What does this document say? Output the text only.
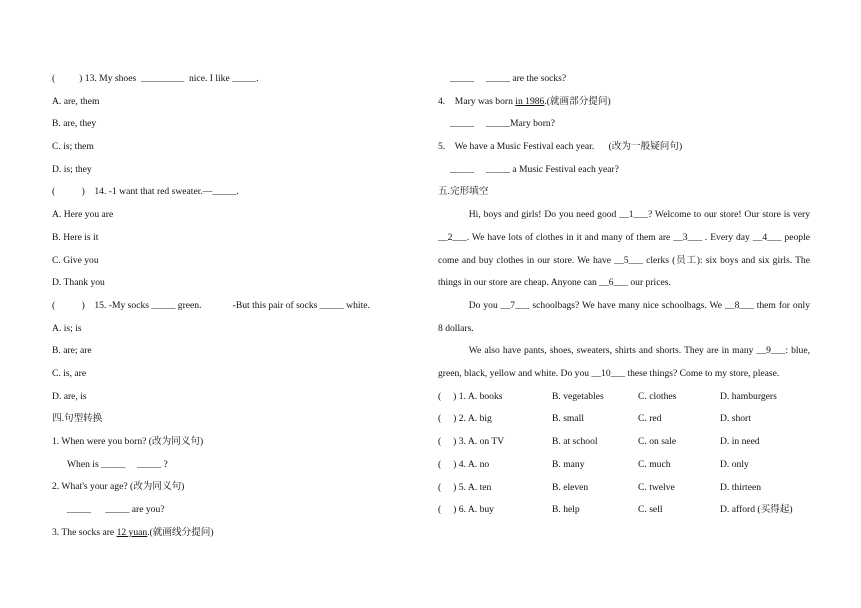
(          ) 13. My shoes  _________  nice. I like _____.
A. are, them
B. are, they
C. is; them
D. is; they
(           )    14. -1 want that red sweater.—_____.
A. Here you are
B. Here is it
C. Give you
D. Thank you
(           )    15. -My socks _____ green.             -But this pair of socks _____ white.
A. is; is
B. are; are
C. is, are
D. are, is
四.句型转换
1. When were you born? (改为同义句)
When is _____     _____ ?
2. What's your age? (改为同义句)
_____      _____ are you?
3. The socks are 12 yuan.(就画线分提问)
_____     _____ are the socks?
4.    Mary was born in 1986.(就画部分提问)
_____     _____Mary born?
5.    We have a Music Festival each year.      (改为一般疑问句)
_____     _____ a Music Festival each year?
五.完形填空
Hi, boys and girls! Do you need good __1___? Welcome to our store! Our store is very __2___. We have lots of clothes in it and many of them are __3___ . Every day __4___ people come and buy clothes in our store. We have __5___ clerks (员工): six boys and six girls. The things in our store are cheap. Anyone can __6___ our prices.
Do you __7___ schoolbags? We have many nice schoolbags. We __8___ them for only 8 dollars.
We also have pants, shoes, sweaters, shirts and shorts. They are in many __9___: blue, green, black, yellow and white. Do you __10___ these things? Come to my store, please.
(     ) 1. A. books	B. vegetables	C. clothes	D. hamburgers
(     ) 2. A. big	B. small	C. red	D. short
(     ) 3. A. on TV	B. at school	C. on sale	D. in need
(     ) 4. A. no	B. many	C. much	D. only
(     ) 5. A. ten	B. eleven	C. twelve	D. thirteen
(     ) 6. A. buy	B. help	C. sell	D. afford (买得起)
